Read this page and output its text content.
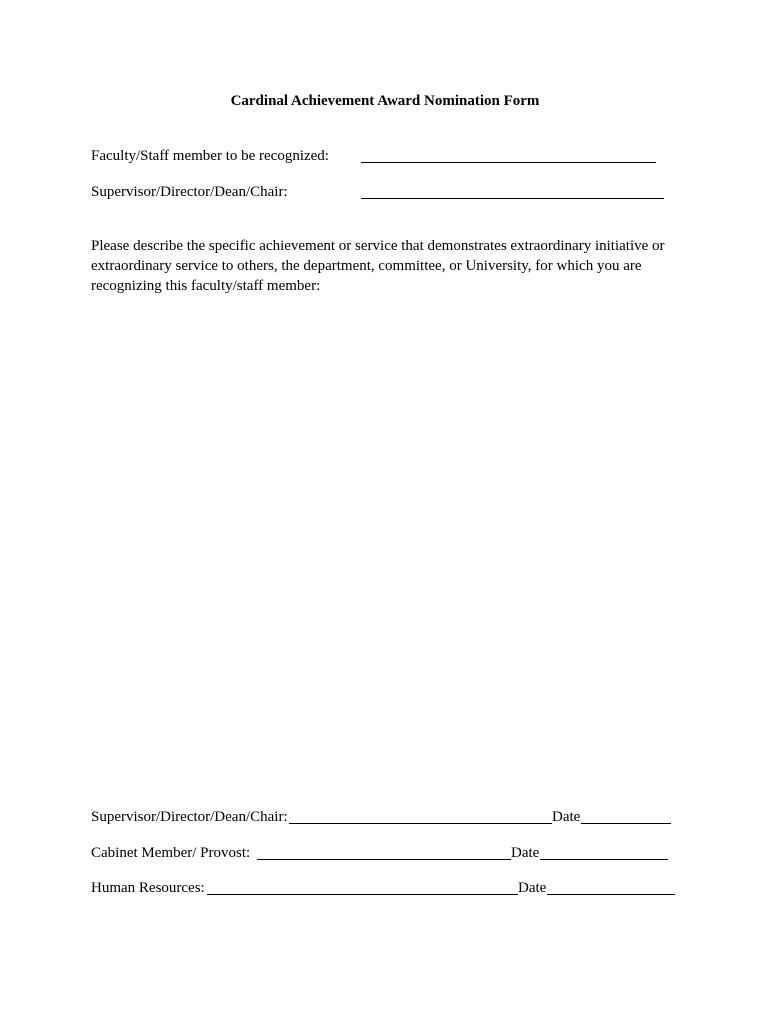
Cardinal Achievement Award Nomination Form
Faculty/Staff member to be recognized:
Supervisor/Director/Dean/Chair:
Please describe the specific achievement or service that demonstrates extraordinary initiative or extraordinary service to others, the department, committee, or University, for which you are recognizing this faculty/staff member:
Supervisor/Director/Dean/Chair:	Date
Cabinet Member/ Provost:	Date
Human Resources:	Date
